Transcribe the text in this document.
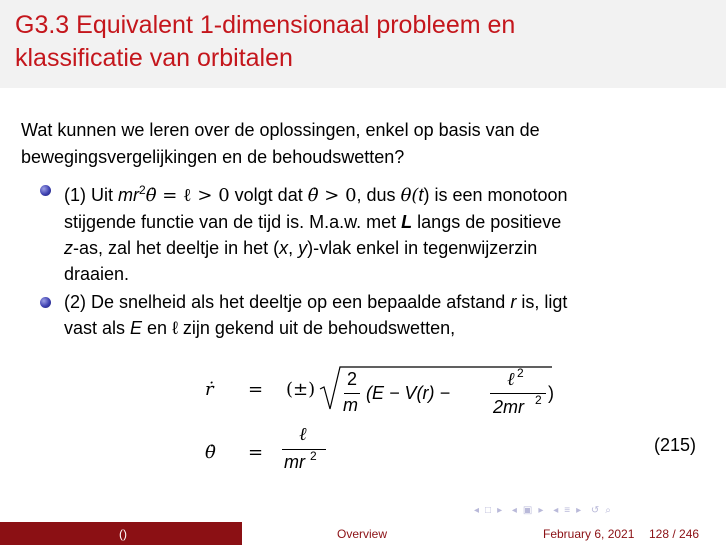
G3.3 Equivalent 1-dimensionaal probleem en
klassificatie van orbitalen
Wat kunnen we leren over de oplossingen, enkel op basis van de
bewegingsvergelijkingen en de behoudswetten?
(1) Uit $mr^2\thetȧ$ = ℓ > 0 volgt dat θ̇ > 0, dus θ(t) is een monotoon
stijgende functie van de tijd is. M.a.w. met L langs de positieve
z-as, zal het deeltje in het (x, y)-vlak enkel in tegenwijzerzin
draaien.
(2) De snelheid als het deeltje op een bepaalde afstand r is, ligt
vast als E en ℓ zijn gekend uit de behoudswetten,
ṙ = (±) 2
m
(E − V(r) −
ℓ 2
2mr 2 )
θ̇ =
ℓ
mr 2
(215)
◂ □ ▸ ◂ ▣ ▸ ◂ ≡ ▸ ↺ ⌕
()	Overview	February 6, 2021 128 / 246
